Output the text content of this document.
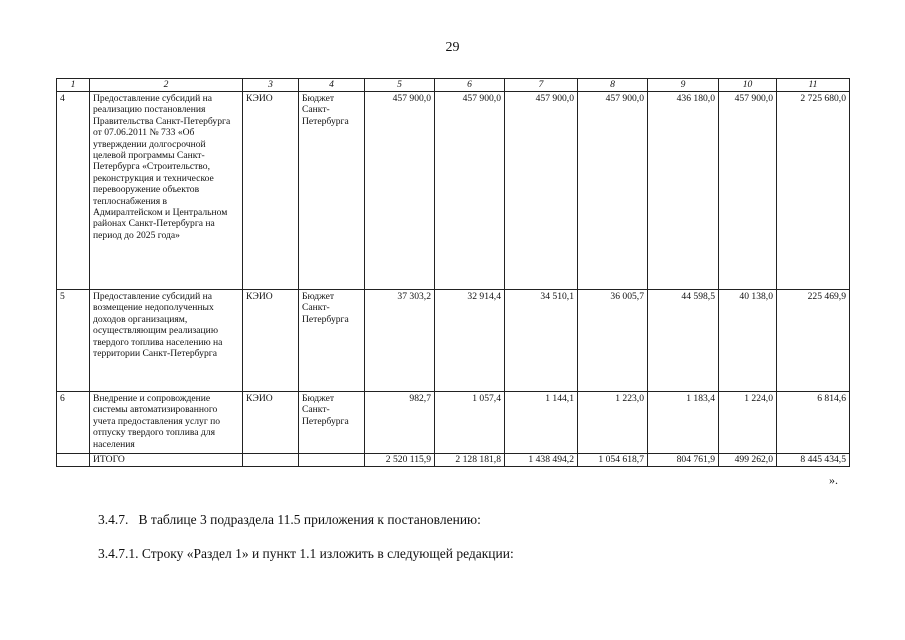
29
1	2	3	4	5	6	7	8	9	10	11
4	Предоставление субсидий на реализацию постановления Правительства Санкт-Петербурга от 07.06.2011 № 733 «Об утверждении долгосрочной целевой программы Санкт-Петербурга «Строительство, реконструкция и техническое перевооружение объектов теплоснабжения в Адмиралтейском и Центральном районах Санкт-Петербурга на период до 2025 года»	КЭИО	Бюджет Санкт-Петербурга	457 900,0	457 900,0	457 900,0	457 900,0	436 180,0	457 900,0	2 725 680,0
5	Предоставление субсидий на возмещение недополученных доходов организациям, осуществляющим реализацию твердого топлива населению на территории Санкт-Петербурга	КЭИО	Бюджет Санкт-Петербурга	37 303,2	32 914,4	34 510,1	36 005,7	44 598,5	40 138,0	225 469,9
6	Внедрение и сопровождение системы автоматизированного учета предоставления услуг по отпуску твердого топлива для населения	КЭИО	Бюджет Санкт-Петербурга	982,7	1 057,4	1 144,1	1 223,0	1 183,4	1 224,0	6 814,6
	ИТОГО			2 520 115,9	2 128 181,8	1 438 494,2	1 054 618,7	804 761,9	499 262,0	8 445 434,5
».
3.4.7.   В таблице 3 подраздела 11.5 приложения к постановлению:
3.4.7.1. Строку «Раздел 1» и пункт 1.1 изложить в следующей редакции:
